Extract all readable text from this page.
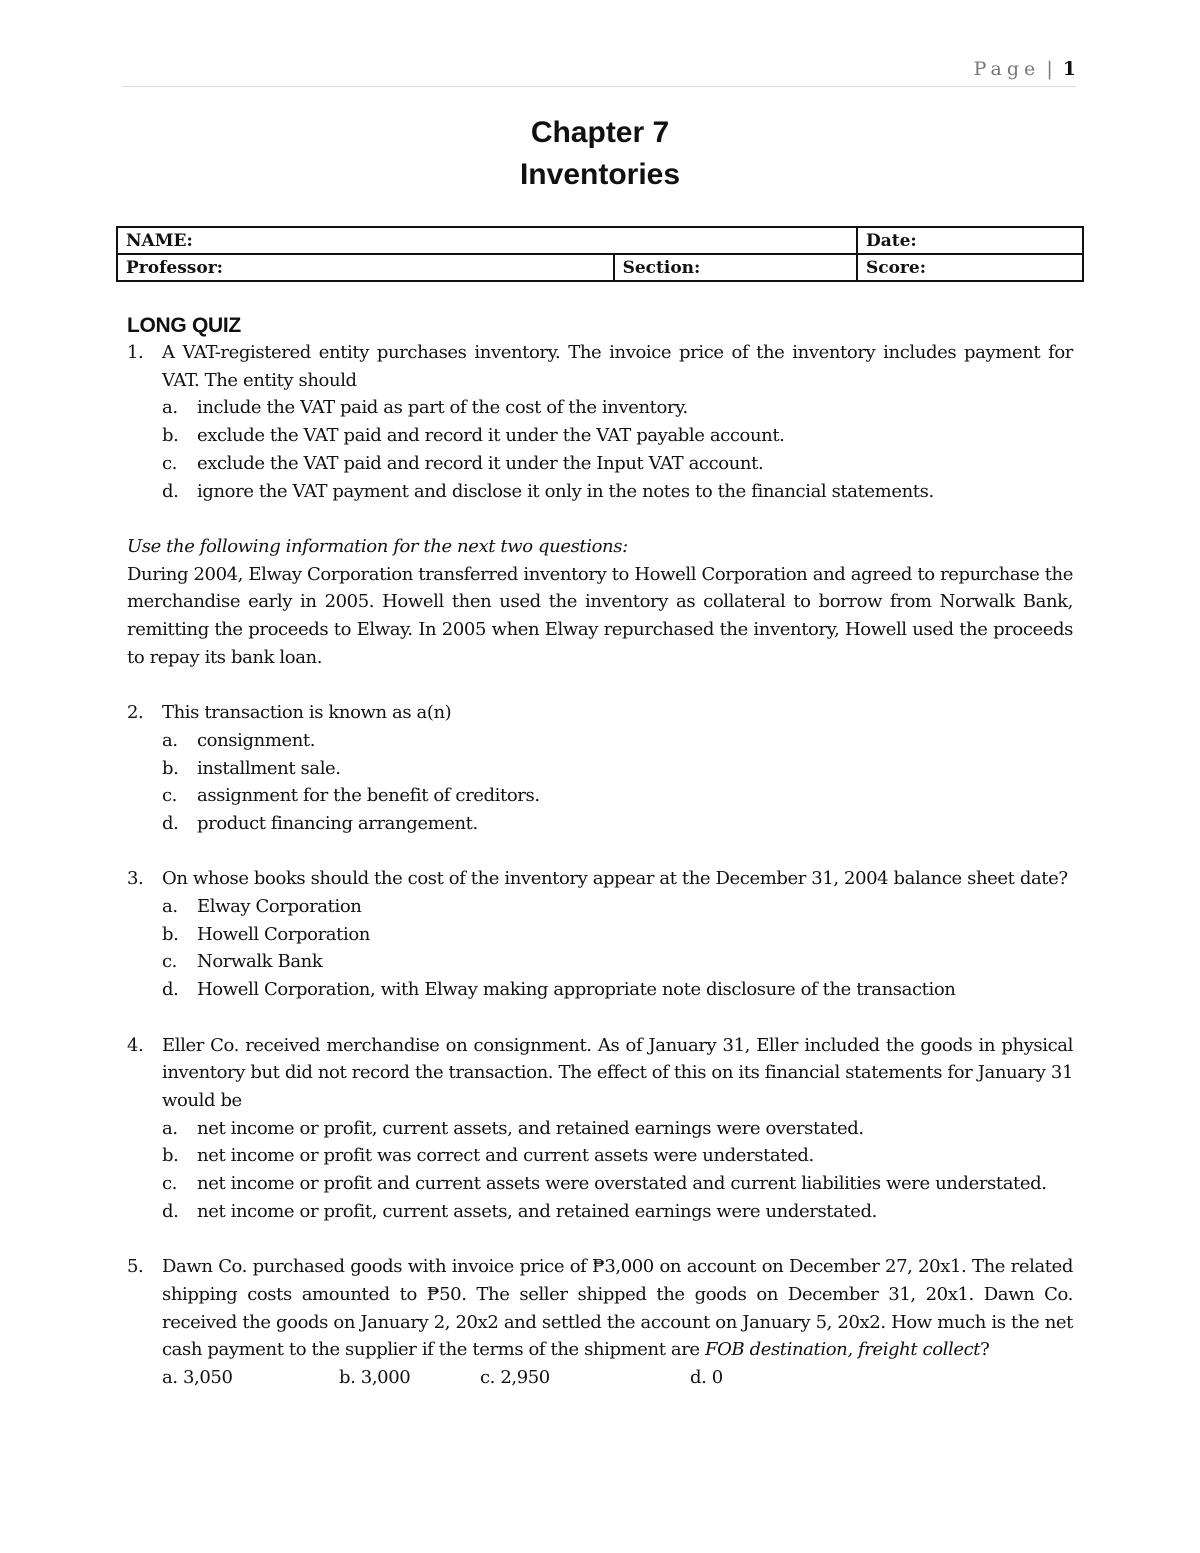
Page | 1
Chapter 7
Inventories
NAME:		Date:
Professor:	Section:	Score:
LONG QUIZ
1.	A VAT-registered entity purchases inventory. The invoice price of the inventory includes payment for VAT. The entity should
a.	include the VAT paid as part of the cost of the inventory.
b.	exclude the VAT paid and record it under the VAT payable account.
c.	exclude the VAT paid and record it under the Input VAT account.
d.	ignore the VAT payment and disclose it only in the notes to the financial statements.

Use the following information for the next two questions:

During 2004, Elway Corporation transferred inventory to Howell Corporation and agreed to repurchase the merchandise early in 2005. Howell then used the inventory as collateral to borrow from Norwalk Bank, remitting the proceeds to Elway. In 2005 when Elway repurchased the inventory, Howell used the proceeds to repay its bank loan.

2.	This transaction is known as a(n)
a.	consignment.
b.	installment sale.
c.	assignment for the benefit of creditors.
d.	product financing arrangement.
3.	On whose books should the cost of the inventory appear at the December 31, 2004 balance sheet date?
a.	Elway Corporation
b.	Howell Corporation
c.	Norwalk Bank
d.	Howell Corporation, with Elway making appropriate note disclosure of the transaction
4.	Eller Co. received merchandise on consignment. As of January 31, Eller included the goods in physical inventory but did not record the transaction. The effect of this on its financial statements for January 31 would be
a.	net income or profit, current assets, and retained earnings were overstated.
b.	net income or profit was correct and current assets were understated.
c.	net income or profit and current assets were overstated and current liabilities were understated.
d.	net income or profit, current assets, and retained earnings were understated.
5.	Dawn Co. purchased goods with invoice price of ₱3,000 on account on December 27, 20x1. The related shipping costs amounted to ₱50. The seller shipped the goods on December 31, 20x1. Dawn Co. received the goods on January 2, 20x2 and settled the account on January 5, 20x2. How much is the net cash payment to the supplier if the terms of the shipment are FOB destination, freight collect?
a. 3,050	b. 3,000	c. 2,950	d. 0
